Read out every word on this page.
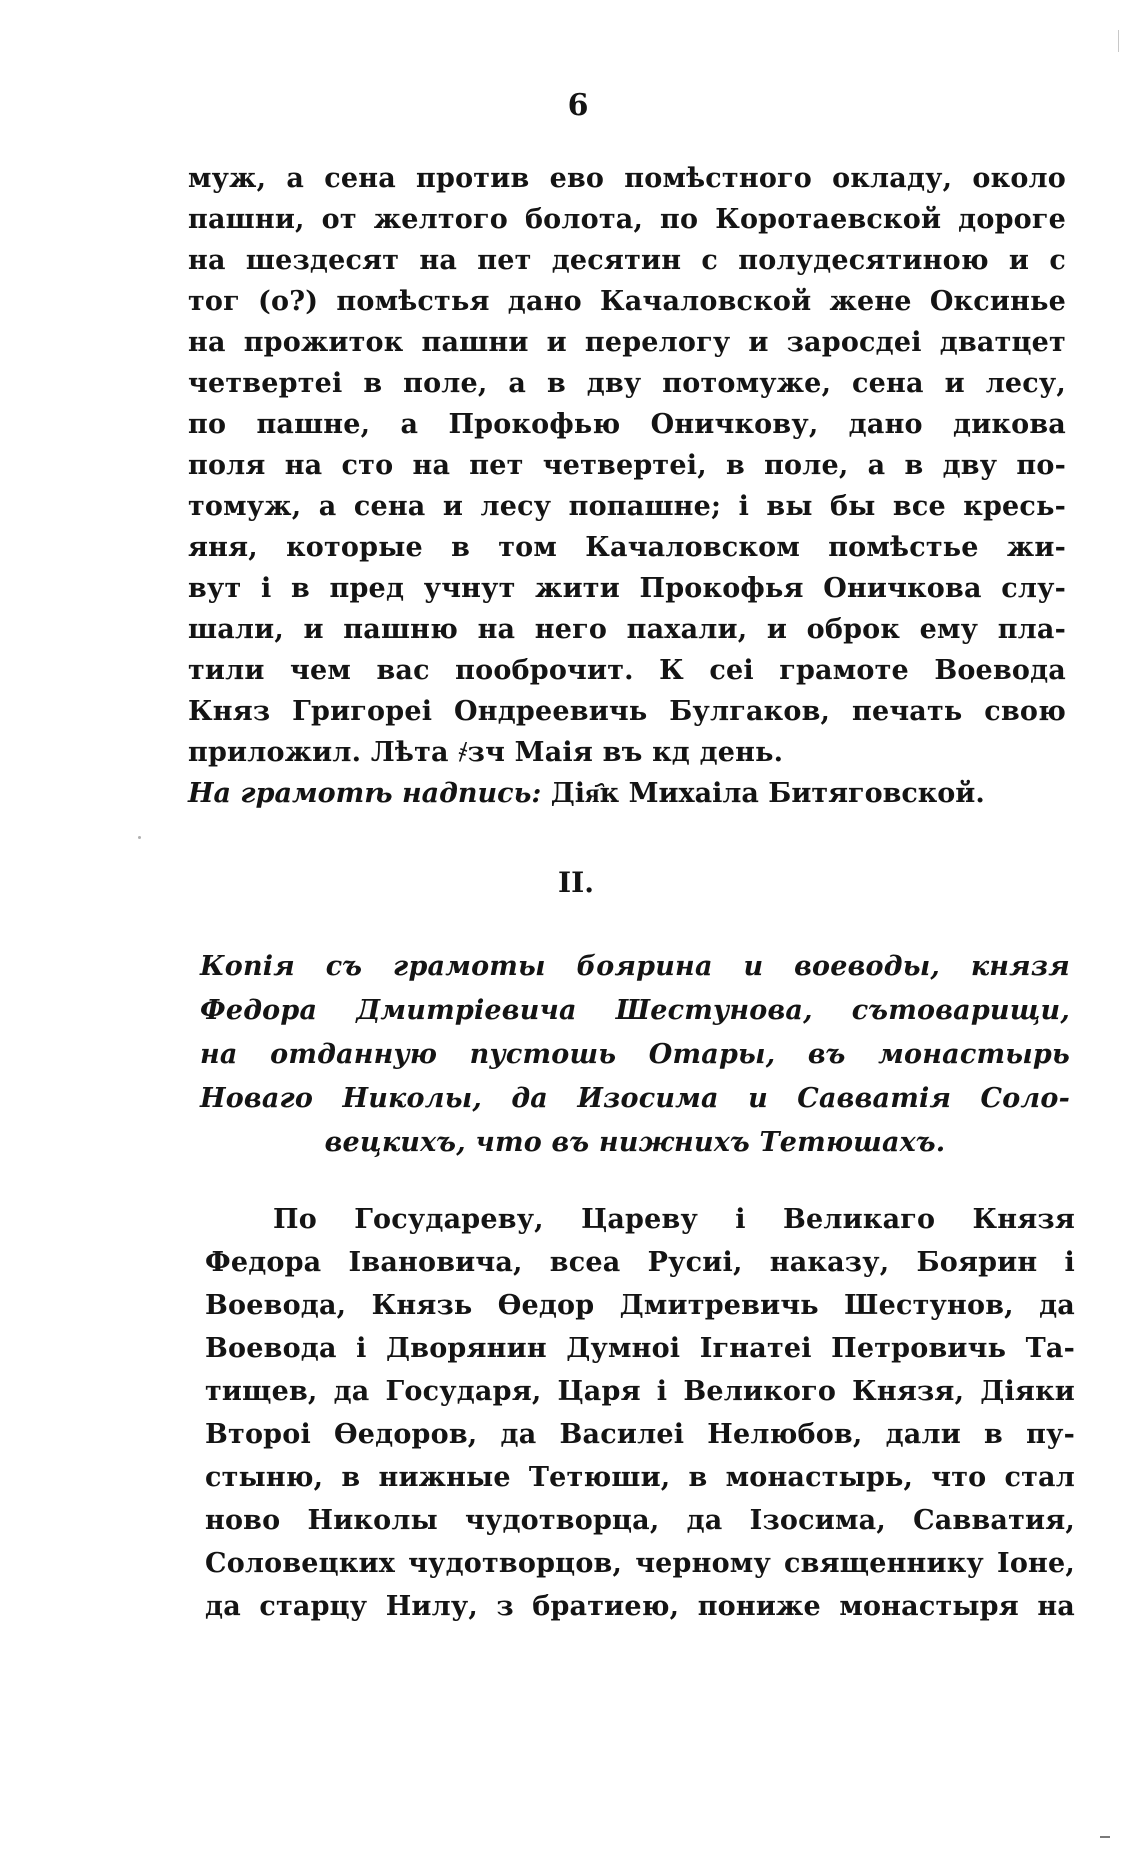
6
муж, а сена против ево помѣстного окладу, около
пашни, от желтого болота, по Коротаевской дороге
на шездесят на пет десятин с полудесятиною и с
тог (о?) помѣстья дано Качаловской жене Оксинье
на прожиток пашни и перелогу и заросдеі дватцет
четвертеі в поле, а в дву потомуже, сена и лесу,
по пашне, а Прокофью Оничкову, дано дикова
поля на сто на пет четвертеі, в поле, а в дву по-
томуж, а сена и лесу попашне; і вы бы все кресь-
яня, которые в том Качаловском помѣстье жи-
вут і в пред учнут жити Прокофья Оничкова слу-
шали, и пашню на него пахали, и оброк ему пла-
тили чем вас пооброчит. К сеі грамоте Воевода
Княз Григореі Ондреевичь Булгаков, печать свою
приложил. Лѣта ҂зч Маія въ кд день.
На грамотѣ надпись: Дія҄к Михаіла Битяговской.
II.
Копія съ грамоты боярина и воеводы, князя
Федора Дмитріевича Шестунова, сътоварищи,
на отданную пустошь Отары, въ монастырь
Новаго Николы, да Изосима и Савватія Соло-
вецкихъ, что въ нижнихъ Тетюшахъ.
По Государеву, Цареву і Великаго Князя
Федора Івановича, всеа Русиі, наказу, Боярин і
Воевода, Князь Ѳедор Дмитревичь Шестунов, да
Воевода і Дворянин Думноі Ігнатеі Петровичь Та-
тищев, да Государя, Царя і Великого Князя, Діяки
Второі Ѳедоров, да Василеі Нелюбов, дали в пу-
стыню, в нижные Тетюши, в монастырь, что стал
ново Николы чудотворца, да Ізосима, Савватия,
Соловецких чудотворцов, черному священнику Іоне,
да старцу Нилу, з братиею, пониже монастыря на
